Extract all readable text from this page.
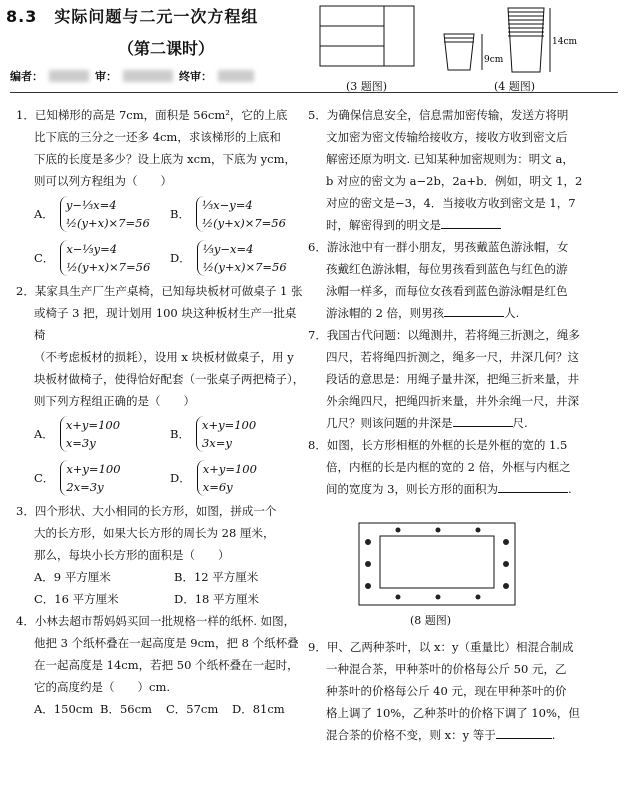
8.3　 实际问题与二元一次方程组
（第二课时）
编者：	审：	终审：
(3 题图)
9cm
14cm
(4 题图)

1．已知梯形的高是 7cm，面积是 56cm²，它的上底

比下底的三分之一还多 4cm，求该梯形的上底和

下底的长度是多少？设上底为 xcm，下底为 ycm，

则可以列方程组为（　　）

A．
y−⅓x=4
½(y+x)×7=56
B．
⅓x−y=4
½(y+x)×7=56
C．
x−⅓y=4
½(y+x)×7=56
D．
⅓y−x=4
½(y+x)×7=56

2．某家具生产厂生产桌椅，已知每块板材可做桌子 1 张

或椅子 3 把，现计划用 100 块这种板材生产一批桌椅

（不考虑板材的损耗），设用 x 块板材做桌子，用 y

块板材做椅子，使得恰好配套（一张桌子两把椅子），

则下列方程组正确的是（　　）

A．
x+y=100
x=3y
B．
x+y=100
3x=y
C．
x+y=100
2x=3y
D．
x+y=100
x=6y

3．四个形状、大小相同的长方形，如图，拼成一个

大的长方形，如果大长方形的周长为 28 厘米，

那么，每块小长方形的面积是（　　）

A．9 平方厘米	B．12 平方厘米
C．16 平方厘米	D．18 平方厘米

4．小林去超市帮妈妈买回一批规格一样的纸杯. 如图，

他把 3 个纸杯叠在一起高度是 9cm，把 8 个纸杯叠

在一起高度是 14cm，若把 50 个纸杯叠在一起时，

它的高度约是（　　）cm.

A．150cm B．56cm	C．57cm	D．81cm

5．为确保信息安全，信息需加密传输，发送方将明

文加密为密文传输给接收方，接收方收到密文后

解密还原为明文. 已知某种加密规则为：明文 a，

b 对应的密文为 a−2b，2a+b．例如，明文 1，2

对应的密文是−3，4．当接收方收到密文是 1，7

时，解密得到的明文是

6．游泳池中有一群小朋友，男孩戴蓝色游泳帽，女

孩戴红色游泳帽，每位男孩看到蓝色与红色的游

泳帽一样多，而每位女孩看到蓝色游泳帽是红色

游泳帽的 2 倍，则男孩	人.

7．我国古代问题：以绳测井，若将绳三折测之，绳多

四尺，若将绳四折测之，绳多一尺，井深几何？这

段话的意思是：用绳子量井深，把绳三折来量，井

外余绳四尺，把绳四折来量，井外余绳一尺，井深

几尺？则该问题的井深是	尺.

8．如图，长方形相框的外框的长是外框的宽的 1.5

倍，内框的长是内框的宽的 2 倍，外框与内框之

间的宽度为 3，则长方形的面积为	.

(8 题图)

9．甲、乙两种茶叶，以 x：y（重量比）相混合制成

一种混合茶，甲种茶叶的价格每公斤 50 元，乙

种茶叶的价格每公斤 40 元，现在甲种茶叶的价

格上调了 10%，乙种茶叶的价格下调了 10%，但

混合茶的价格不变，则 x：y 等于	.
